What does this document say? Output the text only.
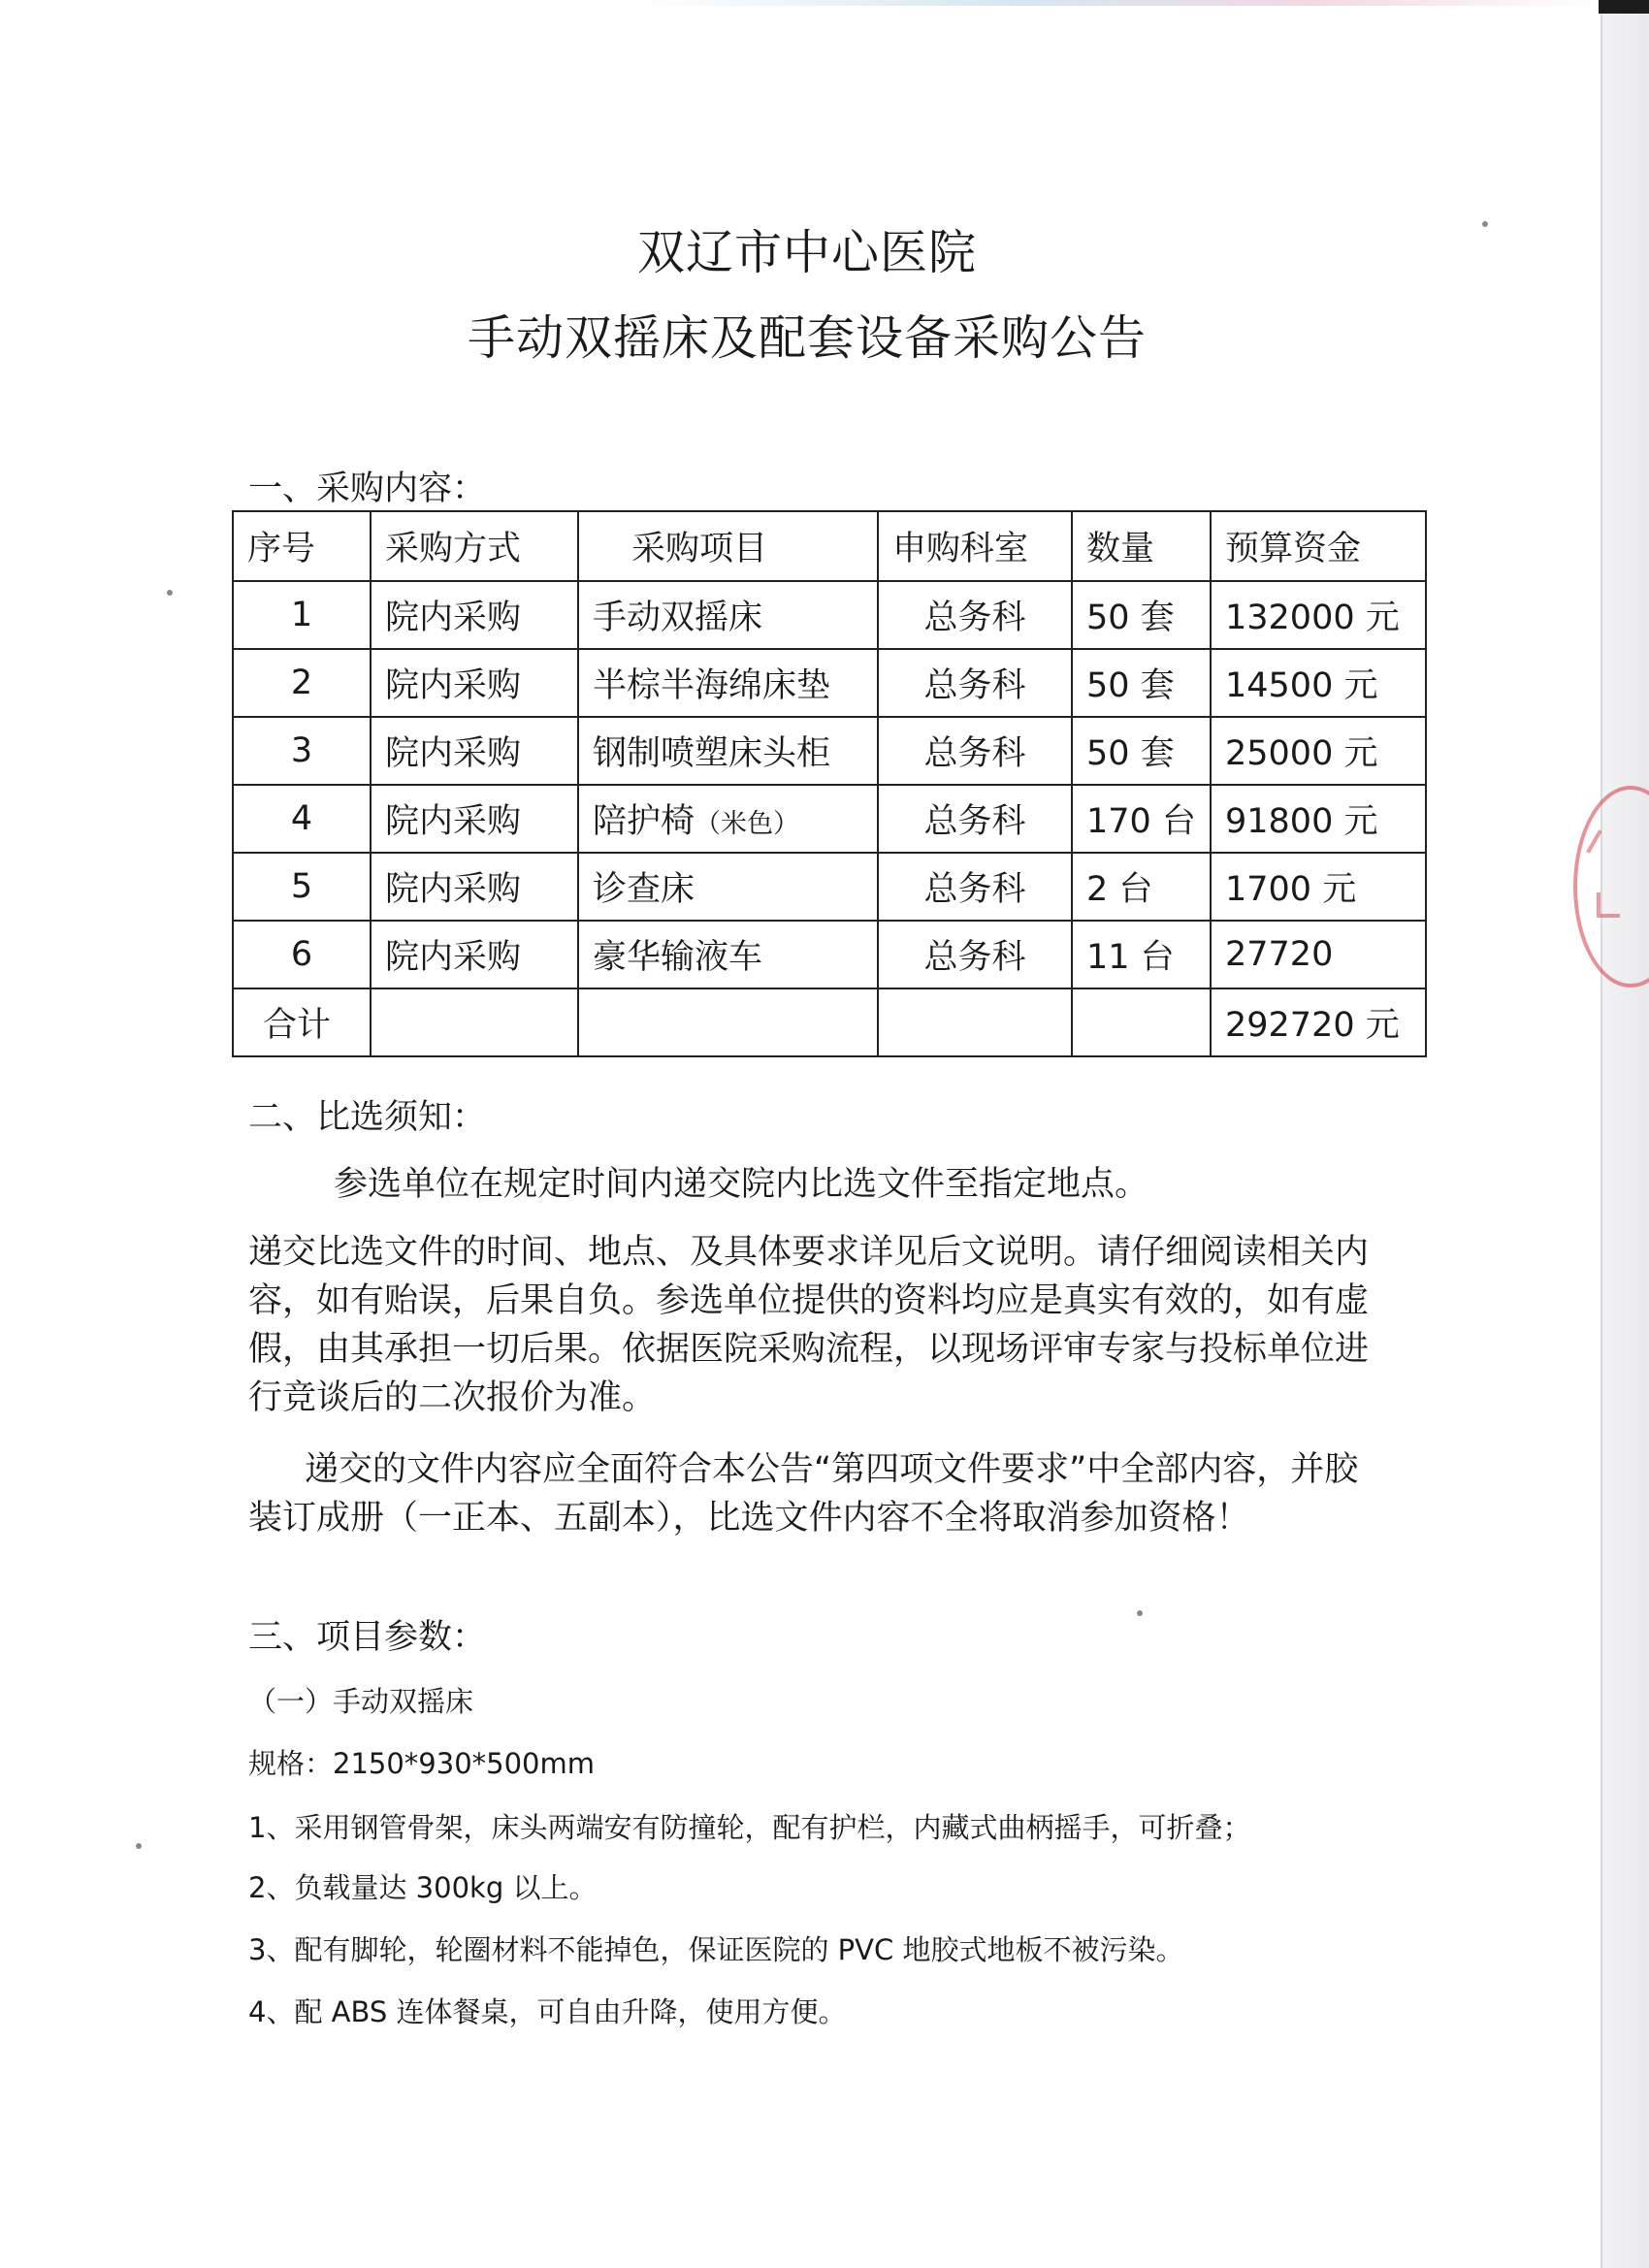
双辽市中心医院
手动双摇床及配套设备采购公告
一、采购内容：
序号	采购方式	采购项目	申购科室	数量	预算资金
1	院内采购	手动双摇床	总务科	50 套	132000 元
2	院内采购	半棕半海绵床垫	总务科	50 套	14500 元
3	院内采购	钢制喷塑床头柜	总务科	50 套	25000 元
4	院内采购	陪护椅（米色）	总务科	170 台	91800 元
5	院内采购	诊查床	总务科	2 台	1700 元
6	院内采购	豪华输液车	总务科	11 台	27720
合计					292720 元
二、比选须知：
参选单位在规定时间内递交院内比选文件至指定地点。
递交比选文件的时间、地点、及具体要求详见后文说明。请仔细阅读相关内容，如有贻误，后果自负。参选单位提供的资料均应是真实有效的，如有虚假，由其承担一切后果。依据医院采购流程，以现场评审专家与投标单位进行竞谈后的二次报价为准。
递交的文件内容应全面符合本公告“第四项文件要求”中全部内容，并胶装订成册（一正本、五副本），比选文件内容不全将取消参加资格！
三、项目参数：
（一）手动双摇床
规格：2150*930*500mm
1、采用钢管骨架，床头两端安有防撞轮，配有护栏，内藏式曲柄摇手，可折叠；
2、负载量达 300kg 以上。
3、配有脚轮，轮圈材料不能掉色，保证医院的 PVC 地胶式地板不被污染。
4、配 ABS 连体餐桌，可自由升降，使用方便。
